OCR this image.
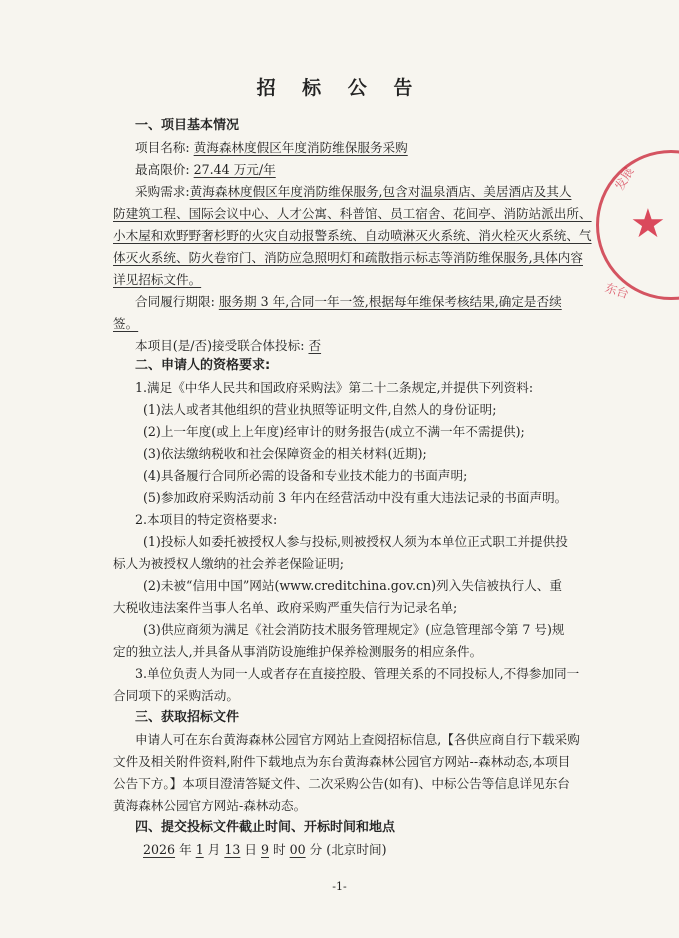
招 标 公 告
一、项目基本情况
项目名称: 黄海森林度假区年度消防维保服务采购
最高限价: 27.44 万元/年
采购需求:黄海森林度假区年度消防维保服务,包含对温泉酒店、美居酒店及其人
防建筑工程、国际会议中心、人才公寓、科普馆、员工宿舍、花间亭、消防站派出所、
小木屋和欢野野奢杉野的火灾自动报警系统、自动喷淋灭火系统、消火栓灭火系统、气
体灭火系统、防火卷帘门、消防应急照明灯和疏散指示标志等消防维保服务,具体内容
详见招标文件。
合同履行期限: 服务期 3 年,合同一年一签,根据每年维保考核结果,确定是否续
签。
本项目(是/否)接受联合体投标: 否
二、申请人的资格要求:
1.满足《中华人民共和国政府采购法》第二十二条规定,并提供下列资料:
(1)法人或者其他组织的营业执照等证明文件,自然人的身份证明;
(2)上一年度(或上上年度)经审计的财务报告(成立不满一年不需提供);
(3)依法缴纳税收和社会保障资金的相关材料(近期);
(4)具备履行合同所必需的设备和专业技术能力的书面声明;
(5)参加政府采购活动前 3 年内在经营活动中没有重大违法记录的书面声明。
2.本项目的特定资格要求:
(1)投标人如委托被授权人参与投标,则被授权人须为本单位正式职工并提供投
标人为被授权人缴纳的社会养老保险证明;
(2)未被“信用中国”网站(www.creditchina.gov.cn)列入失信被执行人、重
大税收违法案件当事人名单、政府采购严重失信行为记录名单;
(3)供应商须为满足《社会消防技术服务管理规定》(应急管理部令第 7 号)规
定的独立法人,并具备从事消防设施维护保养检测服务的相应条件。
3.单位负责人为同一人或者存在直接控股、管理关系的不同投标人,不得参加同一
合同项下的采购活动。
三、获取招标文件
申请人可在东台黄海森林公园官方网站上查阅招标信息,【各供应商自行下载采购
文件及相关附件资料,附件下载地点为东台黄海森林公园官方网站--森林动态,本项目
公告下方。】本项目澄清答疑文件、二次采购公告(如有)、中标公告等信息详见东台
黄海森林公园官方网站-森林动态。
四、提交投标文件截止时间、开标时间和地点
2026 年 1 月 13 日 9 时 00 分 (北京时间)
-1-
★
东台
发展
